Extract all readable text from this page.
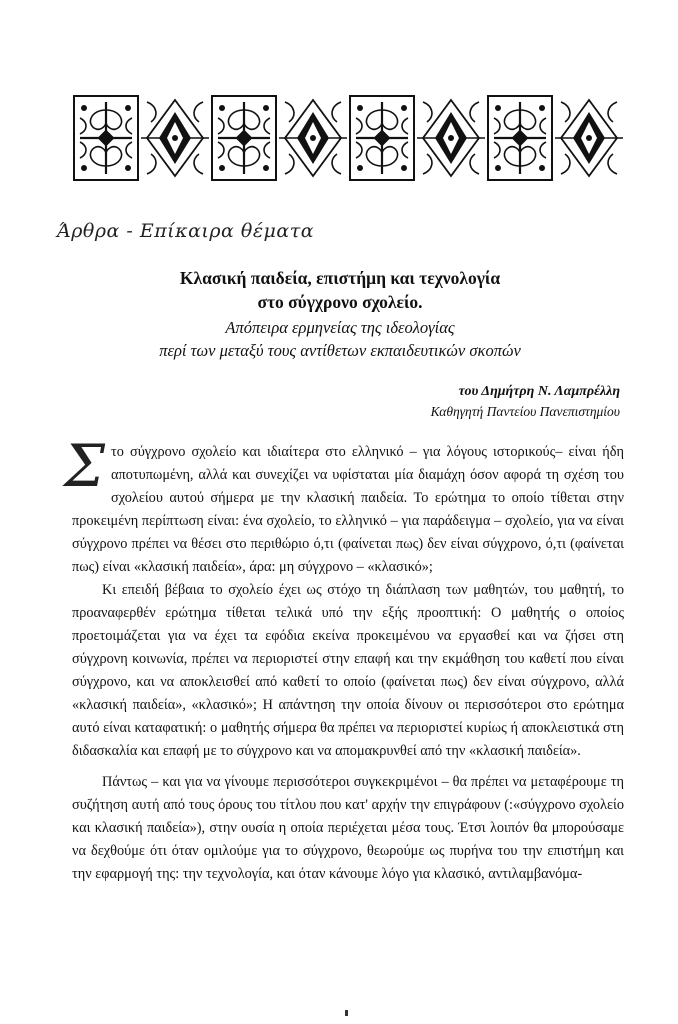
Άρθρα - Επίκαιρα θέματα
Κλασική παιδεία, επιστήμη και τεχνολογία
στο σύγχρονο σχολείο.
Απόπειρα ερμηνείας της ιδεολογίας
περί των μεταξύ τους αντίθετων εκπαιδευτικών σκοπών
του Δημήτρη Ν. Λαμπρέλλη
Καθηγητή Παντείου Πανεπιστημίου

Σ το σύγχρονο σχολείο και ιδιαίτερα στο ελληνικό – για λόγους ιστορικούς– είναι ήδη αποτυπωμένη, αλλά και συνεχίζει να υφίσταται μία διαμάχη όσον αφορά τη σχέση του σχολείου αυτού σήμερα με την κλασική παιδεία. Το ερώτημα το οποίο τίθεται στην προκειμένη περίπτωση είναι: ένα σχολείο, το ελληνικό – για παράδειγμα – σχολείο, για να είναι σύγχρονο πρέπει να θέσει στο περιθώριο ό,τι (φαίνεται πως) δεν είναι σύγχρονο, ό,τι (φαίνεται πως) είναι «κλασική παιδεία», άρα: μη σύγχρονο – «κλασικό»;

Κι επειδή βέβαια το σχολείο έχει ως στόχο τη διάπλαση των μαθητών, του μαθητή, το προαναφερθέν ερώτημα τίθεται τελικά υπό την εξής προοπτική: Ο μαθητής ο οποίος προετοιμάζεται για να έχει τα εφόδια εκείνα προκειμένου να εργασθεί και να ζήσει στη σύγχρονη κοινωνία, πρέπει να περιοριστεί στην επαφή και την εκμάθηση του καθετί που είναι σύγχρονο, και να αποκλεισθεί από καθετί το οποίο (φαίνεται πως) δεν είναι σύγχρονο, αλλά «κλασική παιδεία», «κλασικό»; Η απάντηση την οποία δίνουν οι περισσότεροι στο ερώτημα αυτό είναι καταφατική: ο μαθητής σήμερα θα πρέπει να περιοριστεί κυρίως ή αποκλειστικά στη διδασκαλία και επαφή με το σύγχρονο και να απομακρυνθεί από την «κλασική παιδεία».

Πάντως – και για να γίνουμε περισσότεροι συγκεκριμένοι – θα πρέπει να μεταφέρουμε τη συζήτηση αυτή από τους όρους του τίτλου που κατ' αρχήν την επιγράφουν (:«σύγχρονο σχολείο και κλασική παιδεία»), στην ουσία η οποία περιέχεται μέσα τους. Έτσι λοιπόν θα μπορούσαμε να δεχθούμε ότι όταν ομιλούμε για το σύγχρονο, θεωρούμε ως πυρήνα του την επιστήμη και την εφαρμογή της: την τεχνολογία, και όταν κάνουμε λόγο για κλασικό, αντιλαμβανόμα-
